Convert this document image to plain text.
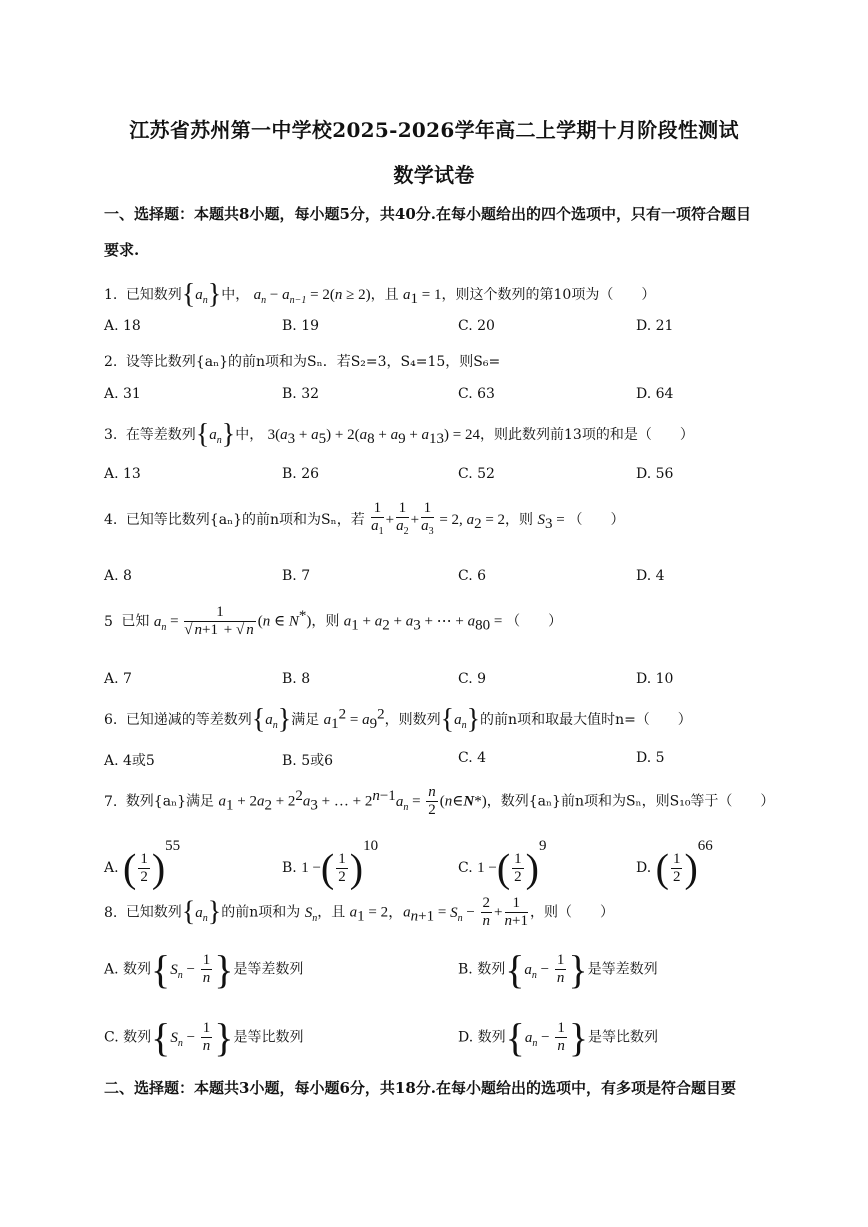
江苏省苏州第一中学校2025-2026学年高二上学期十月阶段性测试
数学试卷
一、选择题：本题共8小题，每小题5分，共40分.在每小题给出的四个选项中，只有一项符合题目要求.
1. 已知数列$\{a_n\}$中， $a_n - a_{n-1} = 2(n \ge 2)$，且 $a_1 = 1$，则这个数列的第10项为（　　）
A. 18	B. 19	C. 20	D. 21
2. 设等比数列{aₙ}的前n项和为Sₙ．若S₂=3，S₄=15，则S₆=
A. 31	B. 32	C. 63	D. 64
3. 在等差数列$\{a_n\}$中， $3(a_3 + a_5) + 2(a_8 + a_9 + a_{13}) = 24$，则此数列前13项的和是（　　）
A. 13	B. 26	C. 52	D. 56
4. 已知等比数列{aₙ}的前n项和为Sₙ，若 $\frac{1}{a_1} + \frac{1}{a_2} + \frac{1}{a_3} = 2$, $a_2 = 2$，则 $S_3$ = （　　）
A. 8	B. 7	C. 6	D. 4
5 已知 $a_n = \frac{1}{√ n+1 + √ n} (n$ ∈ N*)，则 $a_1 + a_2 + a_3$ + ⋯ + $a_{80}$ = （　　）
A. 7	B. 8	C. 9	D. 10
6. 已知递减的等差数列$\{a_n\}$满足 $a_1^2 = a_9^2$，则数列$\{a_n\}$的前n项和取最大值时n=（　　）
A. 4或5	B. 5或6	C. 4	D. 5
7. 数列{aₙ}满足 $a_1 + 2a_2 + 2^2a_3$ + … + $2^{n-1}a_n = \frac{n}{2}$ (n∈N*)，数列{aₙ}前n项和为Sₙ，则S₁₀等于（　　）
A. ( $\frac{1}{2} )^{55}$
B. 1 −( $\frac{1}{2} )^{10}$
C. 1 −( $\frac{1}{2} )^9$
D. ( $\frac{1}{2} )^{66}$
8. 已知数列$\{a_n\}$的前n项和为 $S_n$，且 $a_1 = 2$，$a_{n+1} = S_n - \frac{2}{n} + \frac{1}{n+1}$ ，则（　　）
A. 数列{$S_n - \frac{1}{n}$ }是等差数列	B. 数列{$a_n - \frac{1}{n}$ }是等差数列
C. 数列{$S_n - \frac{1}{n}$ }是等比数列	D. 数列{$a_n - \frac{1}{n}$ }是等比数列
二、选择题：本题共3小题，每小题6分，共18分.在每小题给出的选项中，有多项是符合题目要
